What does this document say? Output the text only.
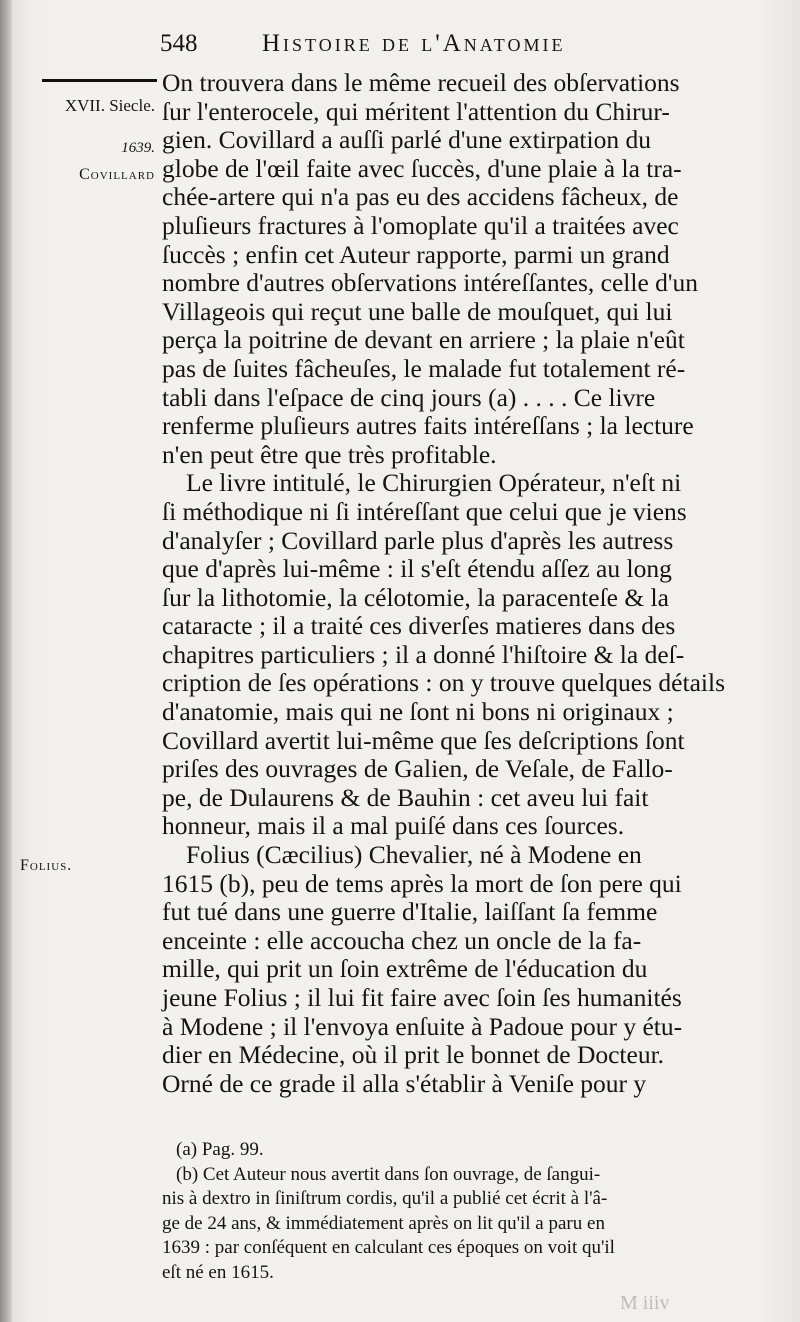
548	Histoire de l'Anatomie
XVII. Siecle.
1639.
Covillard
Folius.
On trouvera dans le même recueil des obſervations
ſur l'enterocele, qui méritent l'attention du Chirur-
gien. Covillard a auſſi parlé d'une extirpation du
globe de l'œil faite avec ſuccès, d'une plaie à la tra-
chée-artere qui n'a pas eu des accidens fâcheux, de
pluſieurs fractures à l'omoplate qu'il a traitées avec
ſuccès ; enfin cet Auteur rapporte, parmi un grand
nombre d'autres obſervations intéreſſantes, celle d'un
Villageois qui reçut une balle de mouſquet, qui lui
perça la poitrine de devant en arriere ; la plaie n'eût
pas de ſuites fâcheuſes, le malade fut totalement ré-
tabli dans l'eſpace de cinq jours (a) . . . . Ce livre
renferme pluſieurs autres faits intéreſſans ; la lecture
n'en peut être que très profitable.
Le livre intitulé, le Chirurgien Opérateur, n'eſt ni
ſi méthodique ni ſi intéreſſant que celui que je viens
d'analyſer ; Covillard parle plus d'après les autress
que d'après lui-même : il s'eſt étendu aſſez au long
ſur la lithotomie, la célotomie, la paracenteſe & la
cataracte ; il a traité ces diverſes matieres dans des
chapitres particuliers ; il a donné l'hiſtoire & la deſ-
cription de ſes opérations : on y trouve quelques détails
d'anatomie, mais qui ne ſont ni bons ni originaux ;
Covillard avertit lui-même que ſes deſcriptions ſont
priſes des ouvrages de Galien, de Veſale, de Fallo-
pe, de Dulaurens & de Bauhin : cet aveu lui fait
honneur, mais il a mal puiſé dans ces ſources.
Folius (Cæcilius) Chevalier, né à Modene en
1615 (b), peu de tems après la mort de ſon pere qui
fut tué dans une guerre d'Italie, laiſſant ſa femme
enceinte : elle accoucha chez un oncle de la fa-
mille, qui prit un ſoin extrême de l'éducation du
jeune Folius ; il lui fit faire avec ſoin ſes humanités
à Modene ; il l'envoya enſuite à Padoue pour y étu-
dier en Médecine, où il prit le bonnet de Docteur.
Orné de ce grade il alla s'établir à Veniſe pour y
(a) Pag. 99.
(b) Cet Auteur nous avertit dans ſon ouvrage, de ſangui-
nis à dextro in ſiniſtrum cordis, qu'il a publié cet écrit à l'â-
ge de 24 ans, & immédiatement après on lit qu'il a paru en
1639 : par conſéquent en calculant ces époques on voit qu'il
eſt né en 1615.
M iiiv
